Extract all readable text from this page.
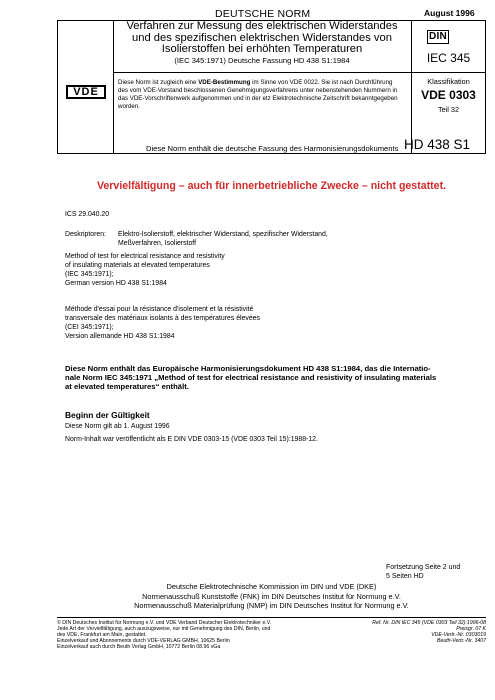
DEUTSCHE NORM	August 1996
Verfahren zur Messung des elektrischen Widerstandes
und des spezifischen elektrischen Widerstandes von
Isolierstoffen bei erhöhten Temperaturen
(IEC 345:1971) Deutsche Fassung HD 438 S1:1984
DIN
IEC 345
VDE
Diese Norm ist zugleich eine VDE-Bestimmung im Sinne von VDE 0022. Sie ist nach Durchführung des vom VDE-Vorstand beschlossenen Genehmigungsverfahrens unter nebenstehenden Nummern in das VDE-Vorschriftenwerk aufgenommen und in der etz Elektrotechnische Zeitschrift bekanntgegeben worden.
Klassifikation
VDE 0303
Teil 32
Diese Norm enthält die deutsche Fassung des Harmonisierungsdokuments HD 438 S1
Vervielfältigung – auch für innerbetriebliche Zwecke – nicht gestattet.
ICS 29.040.20
Deskriptoren: Elektro-Isolierstoff, elektrischer Widerstand, spezifischer Widerstand,
Meßverfahren, Isolierstoff
Method of test for electrical resistance and resistivity
of insulating materials at elevated temperatures
(IEC 345:1971);
German version HD 438 S1:1984
Méthode d'essai pour la résistance d'isolement et la résistivité
transversale des matériaux isolants à des températures élevées
(CEI 345:1971);
Version allemande HD 438 S1:1984
Diese Norm enthält das Europäische Harmonisierungsdokument HD 438 S1:1984, das die Internatio-
nale Norm IEC 345:1971 „Method of test for electrical resistance and resistivity of insulating materials
at elevated temperatures“ enthält.
Beginn der Gültigkeit
Diese Norm gilt ab 1. August 1996
Norm-Inhalt war veröffentlicht als E DIN VDE 0303-15 (VDE 0303 Teil 15):1988-12.
Fortsetzung Seite 2 und
5 Seiten HD
Deutsche Elektrotechnische Kommission im DIN und VDE (DKE)
Normenausschuß Kunststoffe (FNK) im DIN Deutsches Institut für Normung e.V.
Normenausschuß Materialprüfung (NMP) im DIN Deutsches Institut für Normung e.V.
© DIN Deutsches Institut für Normung e.V. und VDE Verband Deutscher Elektrotechniker e.V.
Jede Art der Vervielfältigung, auch auszugsweise, nur mit Genehmigung des DIN, Berlin, und
des VDE, Frankfurt am Main, gestattet.
Einzelverkauf und Abonnements durch VDE-VERLAG GMBH, 10625 Berlin
Einzelverkauf auch durch Beuth Verlag GmbH, 10772 Berlin 08.96 vGa
Ref. Nr. DIN IEC 345 (VDE 0303 Teil 32):1996-08
Preisgr. 07 K
VDE-Vertr.-Nr. 0303019
Beuth-Vertr.-Nr. 3407
